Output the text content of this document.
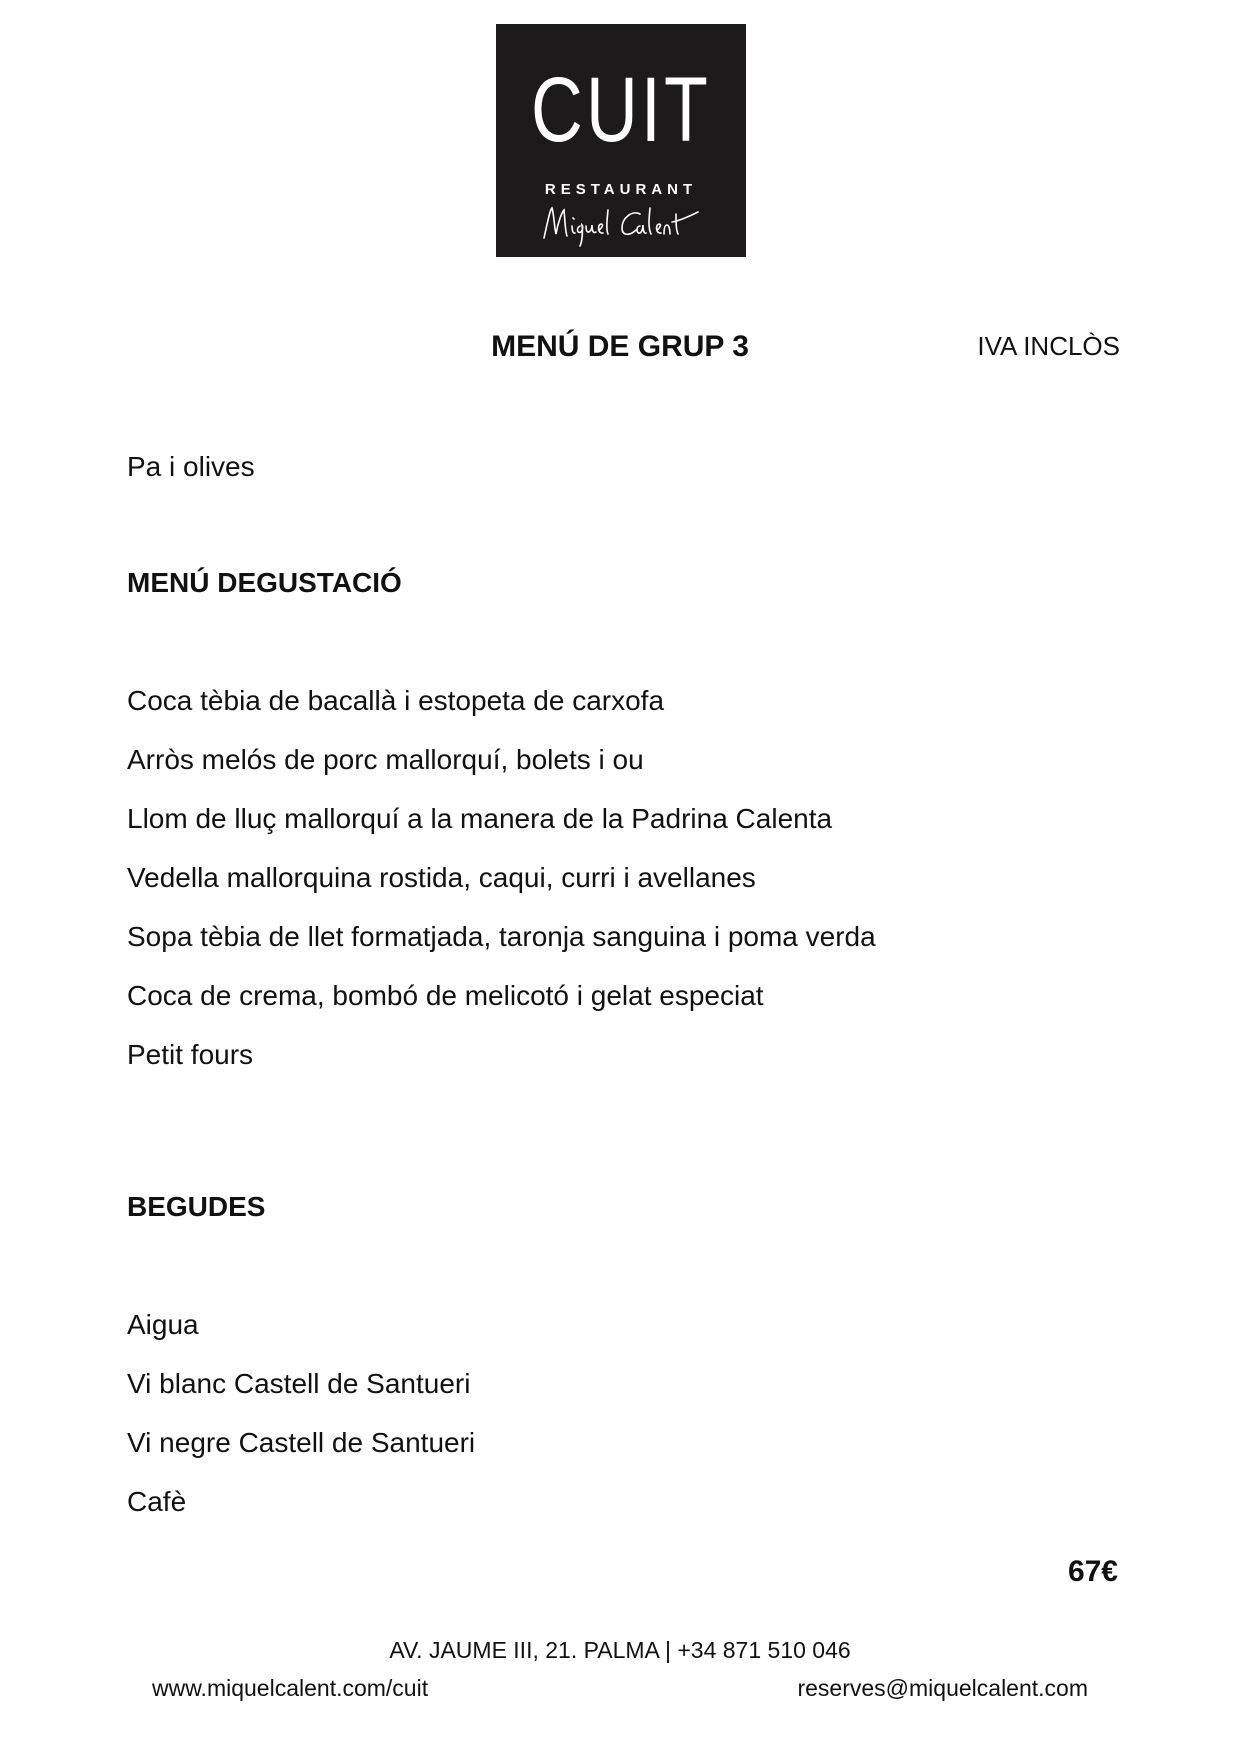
CUIT
RESTAURANT
MENÚ DE GRUP 3	IVA INCLÒS
Pa i olives
MENÚ DEGUSTACIÓ
Coca tèbia de bacallà i estopeta de carxofa
Arròs melós de porc mallorquí, bolets i ou
Llom de lluç mallorquí a la manera de la Padrina Calenta
Vedella mallorquina rostida, caqui, curri i avellanes
Sopa tèbia de llet formatjada, taronja sanguina i poma verda
Coca de crema, bombó de melicotó i gelat especiat
Petit fours
BEGUDES
Aigua
Vi blanc Castell de Santueri
Vi negre Castell de Santueri
Cafè
67€
AV. JAUME III, 21. PALMA | +34 871 510 046
www.miquelcalent.com/cuit	reserves@miquelcalent.com
